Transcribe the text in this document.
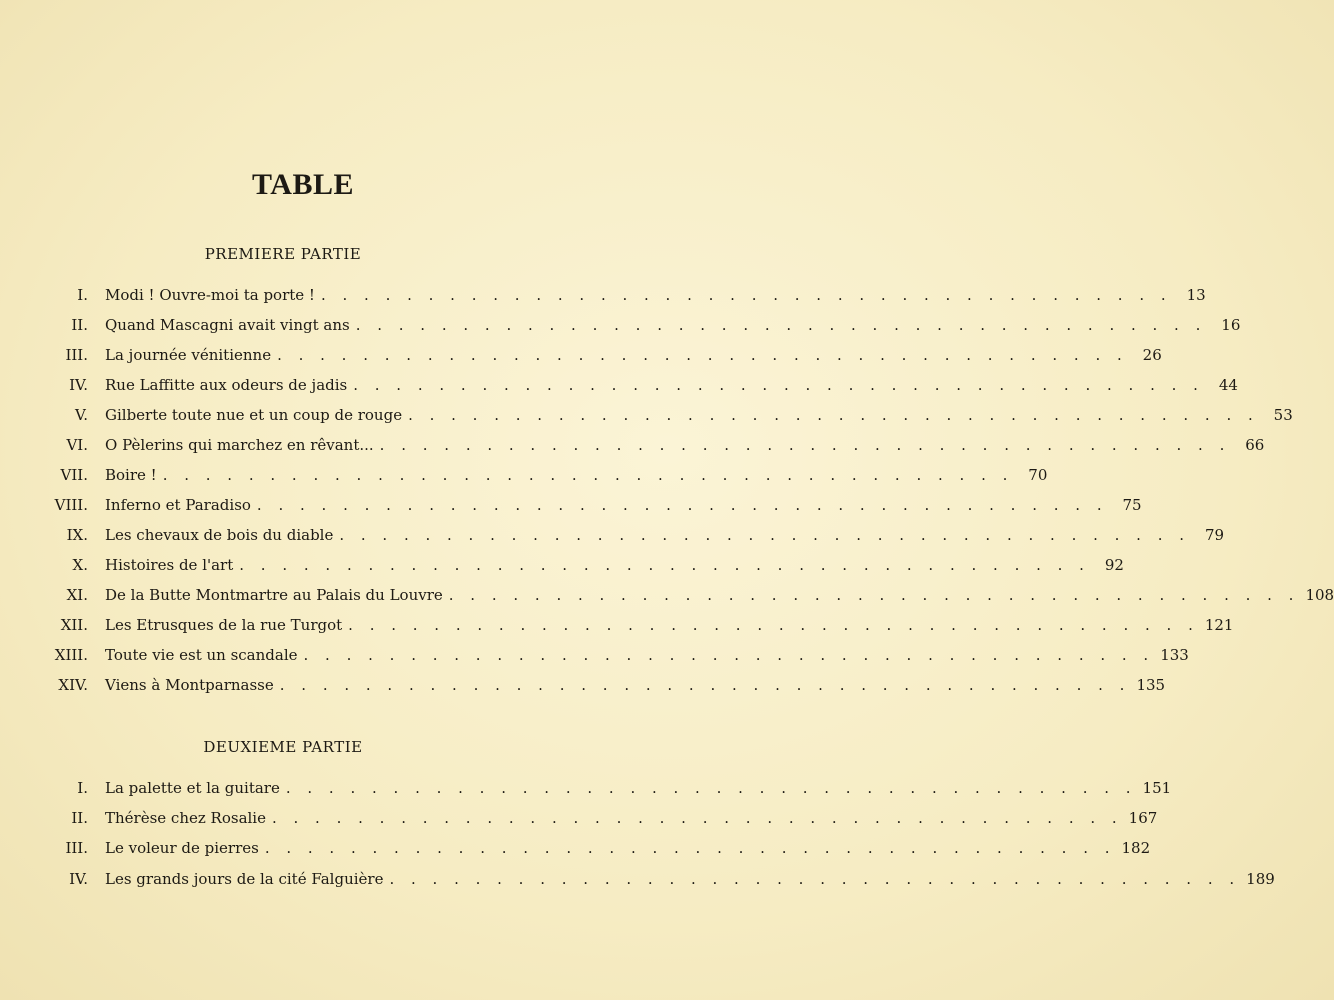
TABLE
PREMIERE PARTIE
I. Modi ! Ouvre-moi ta porte ! . . . . . . . . . . . . . . . . . . . . . . . . . . . . . . . . . . . . . . . . 13
II. Quand Mascagni avait vingt ans . . . . . . . . . . . . . . . . . . . . . . . . . . . . . . . . . . . . . . . . 16
III. La journée vénitienne . . . . . . . . . . . . . . . . . . . . . . . . . . . . . . . . . . . . . . . . 26
IV. Rue Laffitte aux odeurs de jadis . . . . . . . . . . . . . . . . . . . . . . . . . . . . . . . . . . . . . . . . 44
V. Gilberte toute nue et un coup de rouge . . . . . . . . . . . . . . . . . . . . . . . . . . . . . . . . . . . . . . . . 53
VI. O Pèlerins qui marchez en rêvant... . . . . . . . . . . . . . . . . . . . . . . . . . . . . . . . . . . . . . . . . 66
VII. Boire ! . . . . . . . . . . . . . . . . . . . . . . . . . . . . . . . . . . . . . . . . 70
VIII. Inferno et Paradiso . . . . . . . . . . . . . . . . . . . . . . . . . . . . . . . . . . . . . . . . 75
IX. Les chevaux de bois du diable . . . . . . . . . . . . . . . . . . . . . . . . . . . . . . . . . . . . . . . . 79
X. Histoires de l'art . . . . . . . . . . . . . . . . . . . . . . . . . . . . . . . . . . . . . . . . 92
XI. De la Butte Montmartre au Palais du Louvre . . . . . . . . . . . . . . . . . . . . . . . . . . . . . . . . . . . . . . . . 108
XII. Les Etrusques de la rue Turgot . . . . . . . . . . . . . . . . . . . . . . . . . . . . . . . . . . . . . . . . 121
XIII. Toute vie est un scandale . . . . . . . . . . . . . . . . . . . . . . . . . . . . . . . . . . . . . . . . 133
XIV. Viens à Montparnasse . . . . . . . . . . . . . . . . . . . . . . . . . . . . . . . . . . . . . . . . 135
DEUXIEME PARTIE
I. La palette et la guitare . . . . . . . . . . . . . . . . . . . . . . . . . . . . . . . . . . . . . . . . 151
II. Thérèse chez Rosalie . . . . . . . . . . . . . . . . . . . . . . . . . . . . . . . . . . . . . . . . 167
III. Le voleur de pierres . . . . . . . . . . . . . . . . . . . . . . . . . . . . . . . . . . . . . . . . 182
IV. Les grands jours de la cité Falguière . . . . . . . . . . . . . . . . . . . . . . . . . . . . . . . . . . . . . . . . 189
